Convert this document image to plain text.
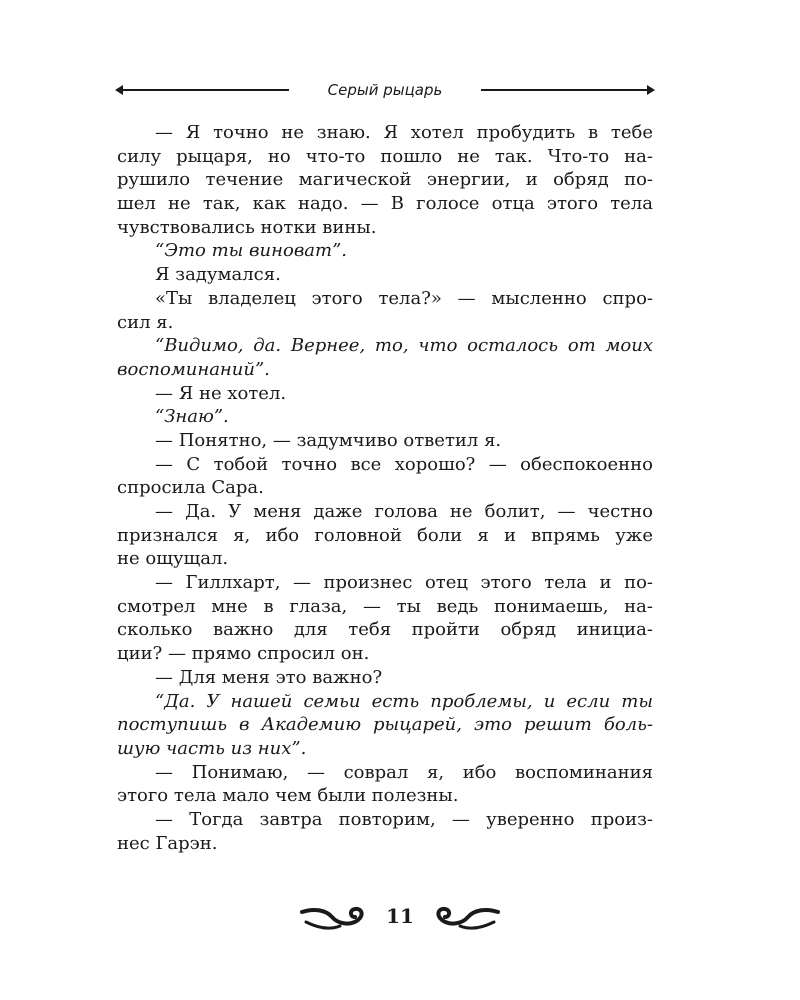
Серый рыцарь
— Я точно не знаю. Я хотел пробудить в тебе
силу рыцаря, но что-то пошло не так. Что-то на-
рушило течение магической энергии, и обряд по-
шел не так, как надо. — В голосе отца этого тела
чувствовались нотки вины.
“Это ты виноват”.
Я задумался.
«Ты владелец этого тела?» — мысленно спро-
сил я.
“Видимо, да. Вернее, то, что осталось от моих
воспоминаний”.
— Я не хотел.
“Знаю”.
— Понятно, — задумчиво ответил я.
— С тобой точно все хорошо? — обеспокоенно
спросила Сара.
— Да. У меня даже голова не болит, — честно
признался я, ибо головной боли я и впрямь уже
не ощущал.
— Гиллхарт, — произнес отец этого тела и по-
смотрел мне в глаза, — ты ведь понимаешь, на-
сколько важно для тебя пройти обряд инициа-
ции? — прямо спросил он.
— Для меня это важно?
“Да. У нашей семьи есть проблемы, и если ты
поступишь в Академию рыцарей, это решит боль-
шую часть из них”.
— Понимаю, — соврал я, ибо воспоминания
этого тела мало чем были полезны.
— Тогда завтра повторим, — уверенно произ-
нес Гарэн.
11
